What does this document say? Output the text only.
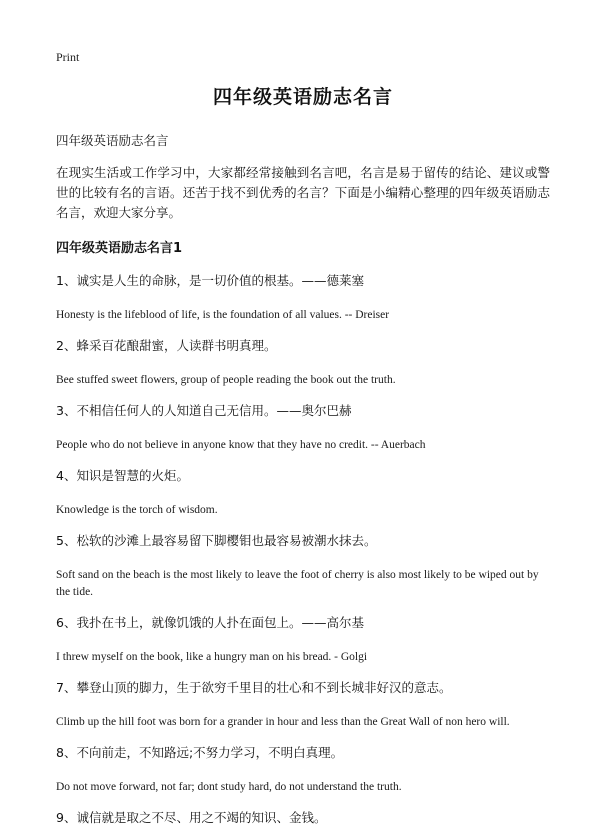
Print
四年级英语励志名言

四年级英语励志名言

在现实生活或工作学习中，大家都经常接触到名言吧，名言是易于留传的结论、建议或警世的比较有名的言语。还苦于找不到优秀的名言？下面是小编精心整理的四年级英语励志名言，欢迎大家分享。

四年级英语励志名言1

1、诚实是人生的命脉，是一切价值的根基。——德莱塞

Honesty is the lifeblood of life, is the foundation of all values. -- Dreiser

2、蜂采百花酿甜蜜，人读群书明真理。

Bee stuffed sweet flowers, group of people reading the book out the truth.

3、不相信任何人的人知道自己无信用。——奥尔巴赫

People who do not believe in anyone know that they have no credit. -- Auerbach

4、知识是智慧的火炬。

Knowledge is the torch of wisdom.

5、松软的沙滩上最容易留下脚樱钼也最容易被潮水抹去。

Soft sand on the beach is the most likely to leave the foot of cherry is also most likely to be wiped out by the tide.

6、我扑在书上，就像饥饿的人扑在面包上。——高尔基

I threw myself on the book, like a hungry man on his bread. - Golgi

7、攀登山顶的脚力，生于欲穷千里目的壮心和不到长城非好汉的意志。

Climb up the hill foot was born for a grander in hour and less than the Great Wall of non hero will.

8、不向前走，不知路远;不努力学习，不明白真理。

Do not move forward, not far; dont study hard, do not understand the truth.

9、诚信就是取之不尽、用之不竭的知识、金钱。
